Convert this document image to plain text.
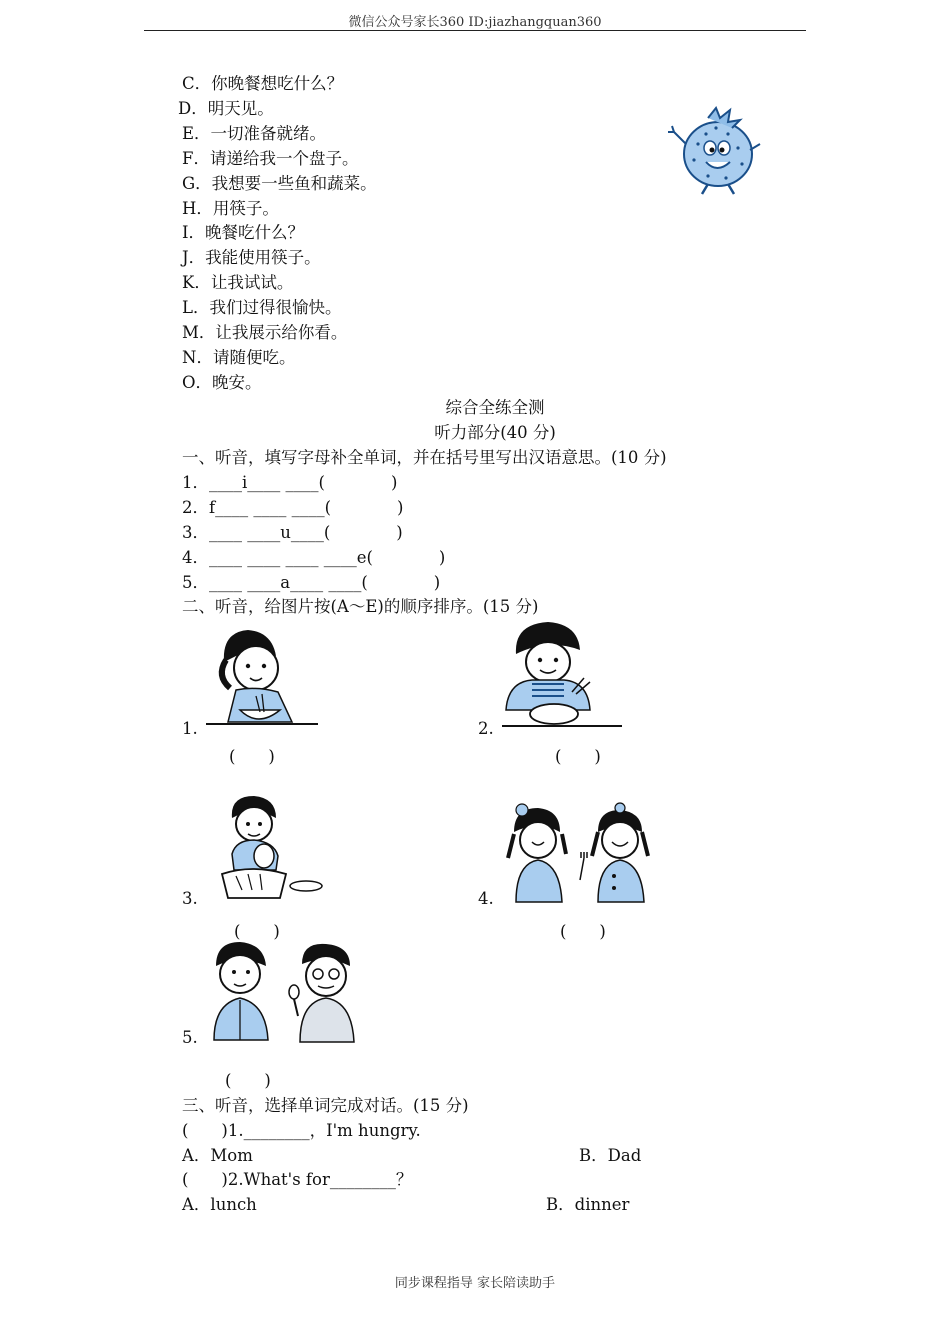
微信公众号家长360 ID:jiazhangquan360
C．你晚餐想吃什么？
D．明天见。
E．一切准备就绪。
F．请递给我一个盘子。
G．我想要一些鱼和蔬菜。
H．用筷子。
I．晚餐吃什么？
J．我能使用筷子。
K．让我试试。
L．我们过得很愉快。
M．让我展示给你看。
N．请随便吃。
O．晚安。
综合全练全测
听力部分(40 分)
一、听音，填写字母补全单词，并在括号里写出汉语意思。(10 分)
1．____i____ ____(　　　　)
2．f____ ____ ____(　　　　)
3．____ ____u____(　　　　)
4．____ ____ ____ ____e(　　　　)
5．____ ____a____ ____(　　　　)
二、听音，给图片按(A～E)的顺序排序。(15 分)
1.
(　　)
2.
(　　)
3.
(　　)
4.
(　　)
5.
(　　)
三、听音，选择单词完成对话。(15 分)
(　　)1.________，I'm hungry.
A．Mom	B．Dad
(　　)2.What's for________？
A．lunch	B．dinner
同步课程指导 家长陪读助手
